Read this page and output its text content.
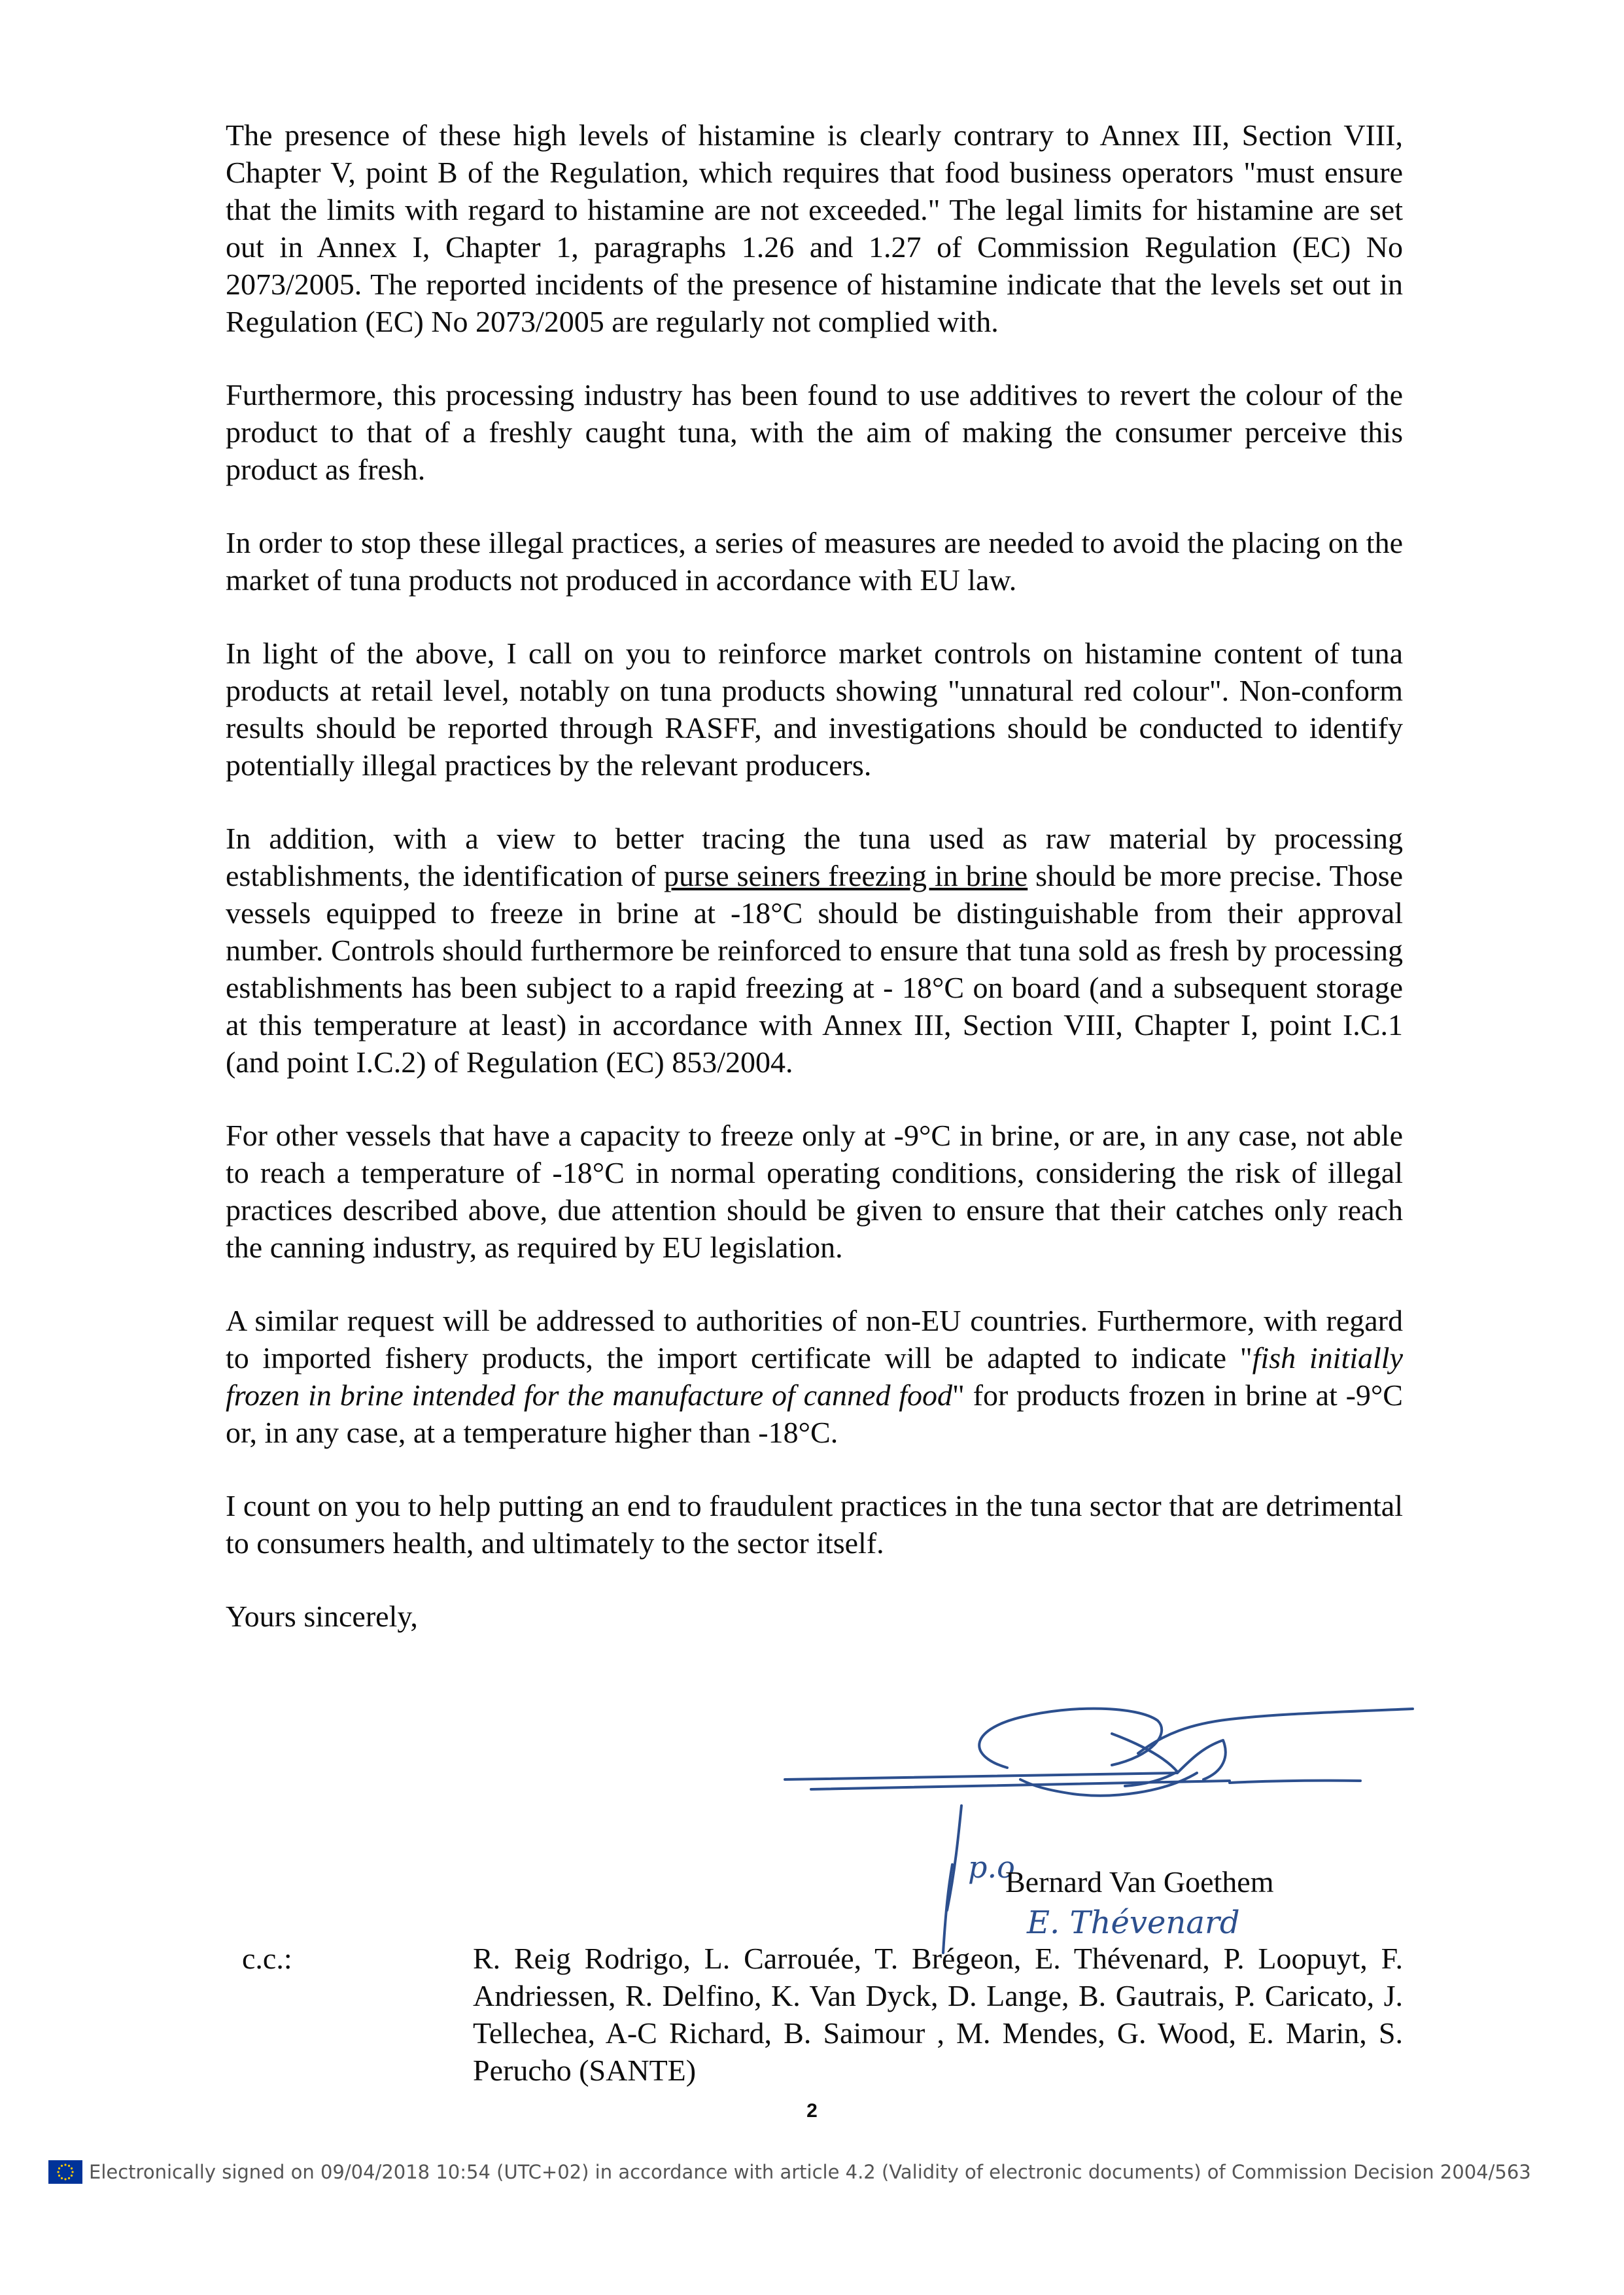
The presence of these high levels of histamine is clearly contrary to Annex III, Section VIII, Chapter V, point B of the Regulation, which requires that food business operators "must ensure that the limits with regard to histamine are not exceeded." The legal limits for histamine are set out in Annex I, Chapter 1, paragraphs 1.26 and 1.27 of Commission Regulation (EC) No 2073/2005. The reported incidents of the presence of histamine indicate that the levels set out in Regulation (EC) No 2073/2005 are regularly not complied with.

Furthermore, this processing industry has been found to use additives to revert the colour of the product to that of a freshly caught tuna, with the aim of making the consumer perceive this product as fresh.

In order to stop these illegal practices, a series of measures are needed to avoid the placing on the market of tuna products not produced in accordance with EU law.

In light of the above, I call on you to reinforce market controls on histamine content of tuna products at retail level, notably on tuna products showing "unnatural red colour". Non-conform results should be reported through RASFF, and investigations should be conducted to identify potentially illegal practices by the relevant producers.

In addition, with a view to better tracing the tuna used as raw material by processing establishments, the identification of purse seiners freezing in brine should be more precise. Those vessels equipped to freeze in brine at -18°C should be distinguishable from their approval number. Controls should furthermore be reinforced to ensure that tuna sold as fresh by processing establishments has been subject to a rapid freezing at - 18°C on board (and a subsequent storage at this temperature at least) in accordance with Annex III, Section VIII, Chapter I, point I.C.1 (and point I.C.2) of Regulation (EC) 853/2004.

For other vessels that have a capacity to freeze only at -9°C in brine, or are, in any case, not able to reach a temperature of -18°C in normal operating conditions, considering the risk of illegal practices described above, due attention should be given to ensure that their catches only reach the canning industry, as required by EU legislation.

A similar request will be addressed to authorities of non-EU countries. Furthermore, with regard to imported fishery products, the import certificate will be adapted to indicate "fish initially frozen in brine intended for the manufacture of canned food" for products frozen in brine at -9°C or, in any case, at a temperature higher than -18°C.

I count on you to help putting an end to fraudulent practices in the tuna sector that are detrimental to consumers health, and ultimately to the sector itself.

Yours sincerely,

p.o
E. Thévenard
Bernard Van Goethem
c.c.:	R. Reig Rodrigo, L. Carrouée, T. Brégeon, E. Thévenard, P. Loopuyt, F. Andriessen, R. Delfino, K. Van Dyck, D. Lange, B. Gautrais, P. Caricato, J. Tellechea, A-C Richard, B. Saimour , M. Mendes, G. Wood, E. Marin, S. Perucho (SANTE)
2
Electronically signed on 09/04/2018 10:54 (UTC+02) in accordance with article 4.2 (Validity of electronic documents) of Commission Decision 2004/563
